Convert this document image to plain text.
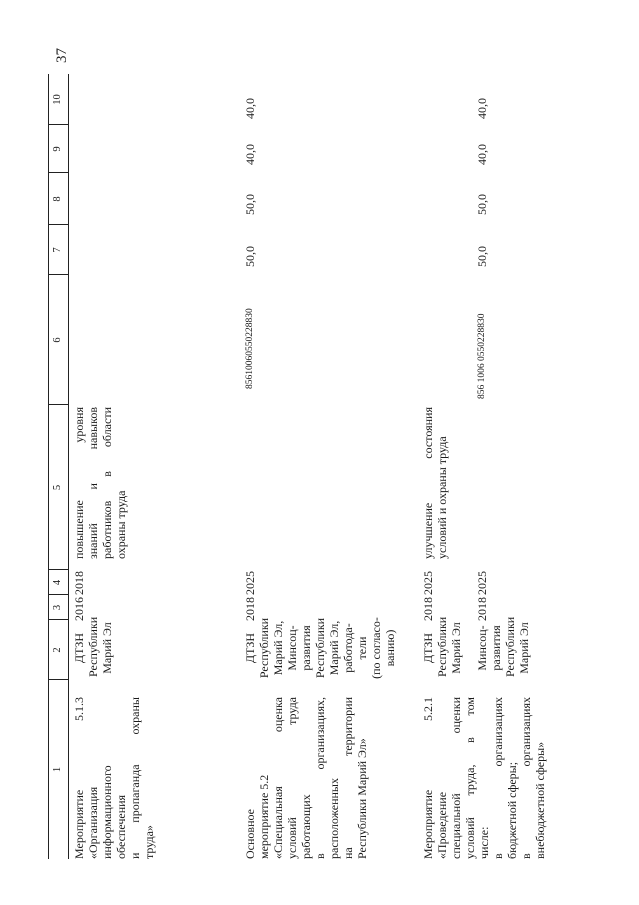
37
1
2
3
4
5
6
7
8
9
10

Мероприятие 5.1.3 «Организация информационного обеспечения и пропаганда охраны труда»

ДТЗН Республики Марий Эл

2016
2018

повышение уровня знаний и навыков работников в области охраны труда

Основное мероприятие 5.2 «Специальная оценка условий труда работающих в организациях, расположенных на территории Республики Марий Эл»

ДТЗН Республики Марий Эл, Минсоц- развития Республики Марий Эл, работода- тели (по согласо- ванию)

2018
2025
856100605502288З0
50,0
50,0
40,0
40,0

Мероприятие 5.2.1 «Проведение специальной оценки условий труда, в том числе: в организациях бюджетной сферы; в организациях внебюджетной сферы»

ДТЗН Республики Марий Эл

2018
2025

улучшение состояния условий и охраны труда

Минсоц- развития Республики Марий Эл

2018
2025
856 1006 0550228830
50,0
50,0
40,0
40,0
